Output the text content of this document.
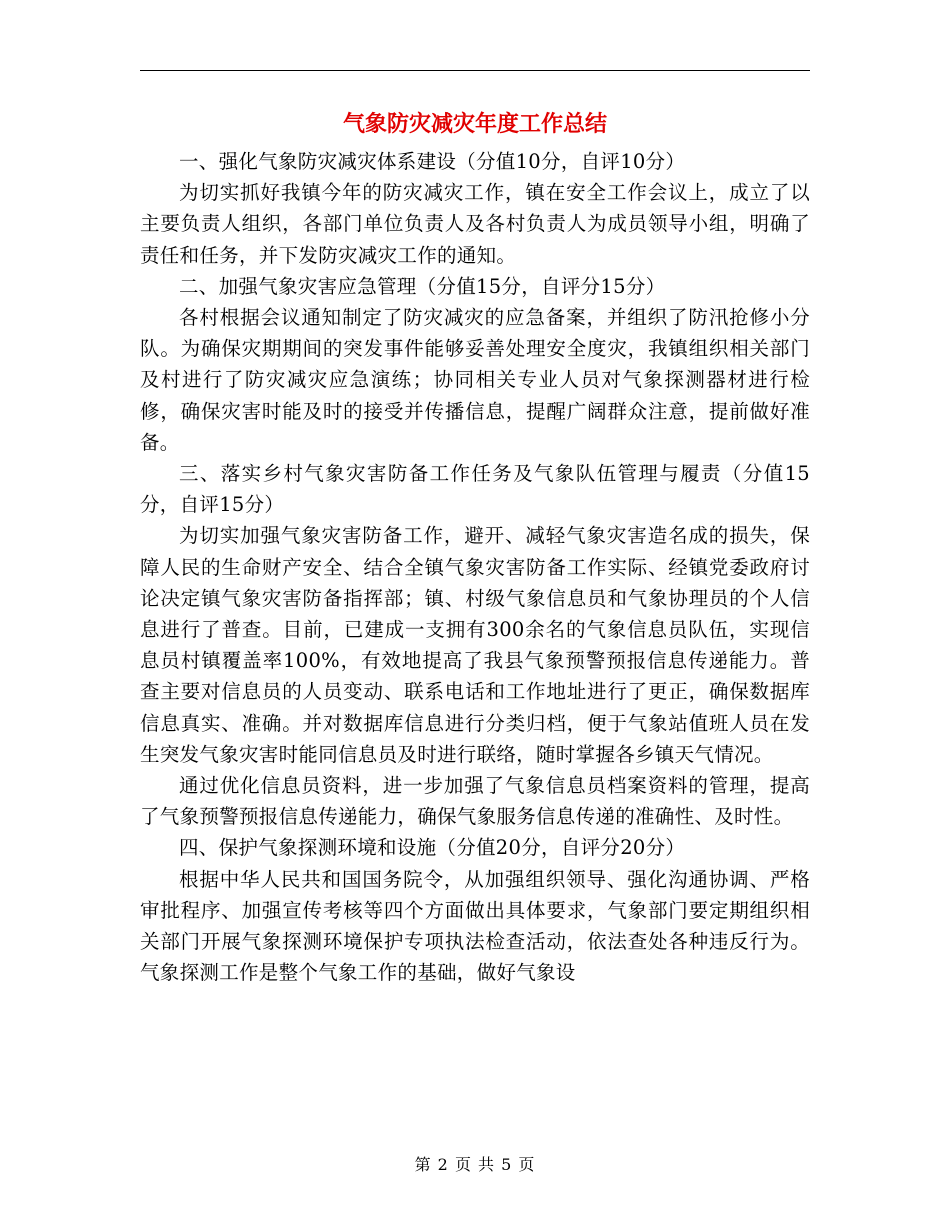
气象防灾减灾年度工作总结

一、强化气象防灾减灾体系建设（分值10分，自评10分）

为切实抓好我镇今年的防灾减灾工作，镇在安全工作会议上，成立了以主要负责人组织，各部门单位负责人及各村负责人为成员领导小组，明确了责任和任务，并下发防灾减灾工作的通知。

二、加强气象灾害应急管理（分值15分，自评分15分）

各村根据会议通知制定了防灾减灾的应急备案，并组织了防汛抢修小分队。为确保灾期期间的突发事件能够妥善处理安全度灾，我镇组织相关部门及村进行了防灾减灾应急演练；协同相关专业人员对气象探测器材进行检修，确保灾害时能及时的接受并传播信息，提醒广阔群众注意，提前做好准备。

三、落实乡村气象灾害防备工作任务及气象队伍管理与履责（分值15分，自评15分）

为切实加强气象灾害防备工作，避开、减轻气象灾害造名成的损失，保障人民的生命财产安全、结合全镇气象灾害防备工作实际、经镇党委政府讨论决定镇气象灾害防备指挥部；镇、村级气象信息员和气象协理员的个人信息进行了普查。目前，已建成一支拥有300余名的气象信息员队伍，实现信息员村镇覆盖率100%，有效地提高了我县气象预警预报信息传递能力。普查主要对信息员的人员变动、联系电话和工作地址进行了更正，确保数据库信息真实、准确。并对数据库信息进行分类归档，便于气象站值班人员在发生突发气象灾害时能同信息员及时进行联络，随时掌握各乡镇天气情况。

通过优化信息员资料，进一步加强了气象信息员档案资料的管理，提高了气象预警预报信息传递能力，确保气象服务信息传递的准确性、及时性。

四、保护气象探测环境和设施（分值20分，自评分20分）

根据中华人民共和国国务院令，从加强组织领导、强化沟通协调、严格审批程序、加强宣传考核等四个方面做出具体要求，气象部门要定期组织相关部门开展气象探测环境保护专项执法检查活动，依法查处各种违反行为。气象探测工作是整个气象工作的基础，做好气象设

第 2 页 共 5 页
